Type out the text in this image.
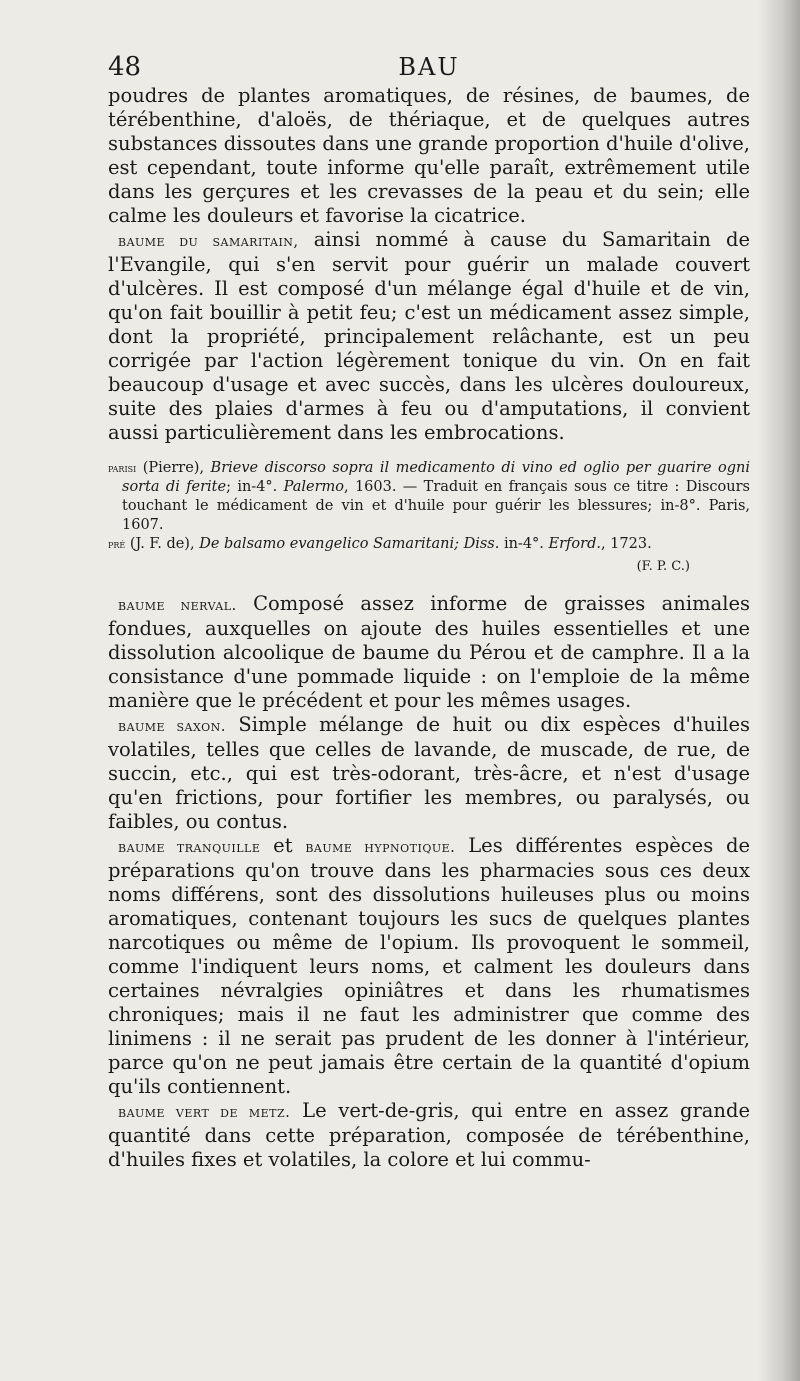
48	BAU

poudres de plantes aromatiques, de résines, de baumes, de térébenthine, d'aloës, de thériaque, et de quelques autres substances dissoutes dans une grande proportion d'huile d'olive, est cependant, toute informe qu'elle paraît, extrêmement utile dans les gerçures et les crevasses de la peau et du sein; elle calme les douleurs et favorise la cicatrice.

baume du samaritain, ainsi nommé à cause du Samaritain de l'Evangile, qui s'en servit pour guérir un malade couvert d'ulcères. Il est composé d'un mélange égal d'huile et de vin, qu'on fait bouillir à petit feu; c'est un médicament assez simple, dont la propriété, principalement relâchante, est un peu corrigée par l'action légèrement tonique du vin. On en fait beaucoup d'usage et avec succès, dans les ulcères douloureux, suite des plaies d'armes à feu ou d'amputations, il convient aussi particulièrement dans les embrocations.

parisi (Pierre), Brieve discorso sopra il medicamento di vino ed oglio per guarire ogni sorta di ferite; in-4°. Palermo, 1603. — Traduit en français sous ce titre : Discours touchant le médicament de vin et d'huile pour guérir les blessures; in-8°. Paris, 1607.

pré (J. F. de), De balsamo evangelico Samaritani; Diss. in-4°. Erford., 1723.

(F. P. C.)

baume nerval. Composé assez informe de graisses animales fondues, auxquelles on ajoute des huiles essentielles et une dissolution alcoolique de baume du Pérou et de camphre. Il a la consistance d'une pommade liquide : on l'emploie de la même manière que le précédent et pour les mêmes usages.

baume saxon. Simple mélange de huit ou dix espèces d'huiles volatiles, telles que celles de lavande, de muscade, de rue, de succin, etc., qui est très-odorant, très-âcre, et n'est d'usage qu'en frictions, pour fortifier les membres, ou paralysés, ou faibles, ou contus.

baume tranquille et baume hypnotique. Les différentes espèces de préparations qu'on trouve dans les pharmacies sous ces deux noms différens, sont des dissolutions huileuses plus ou moins aromatiques, contenant toujours les sucs de quelques plantes narcotiques ou même de l'opium. Ils provoquent le sommeil, comme l'indiquent leurs noms, et calment les douleurs dans certaines névralgies opiniâtres et dans les rhumatismes chroniques; mais il ne faut les administrer que comme des linimens : il ne serait pas prudent de les donner à l'intérieur, parce qu'on ne peut jamais être certain de la quantité d'opium qu'ils contiennent.

baume vert de metz. Le vert-de-gris, qui entre en assez grande quantité dans cette préparation, composée de térébenthine, d'huiles fixes et volatiles, la colore et lui commu-
